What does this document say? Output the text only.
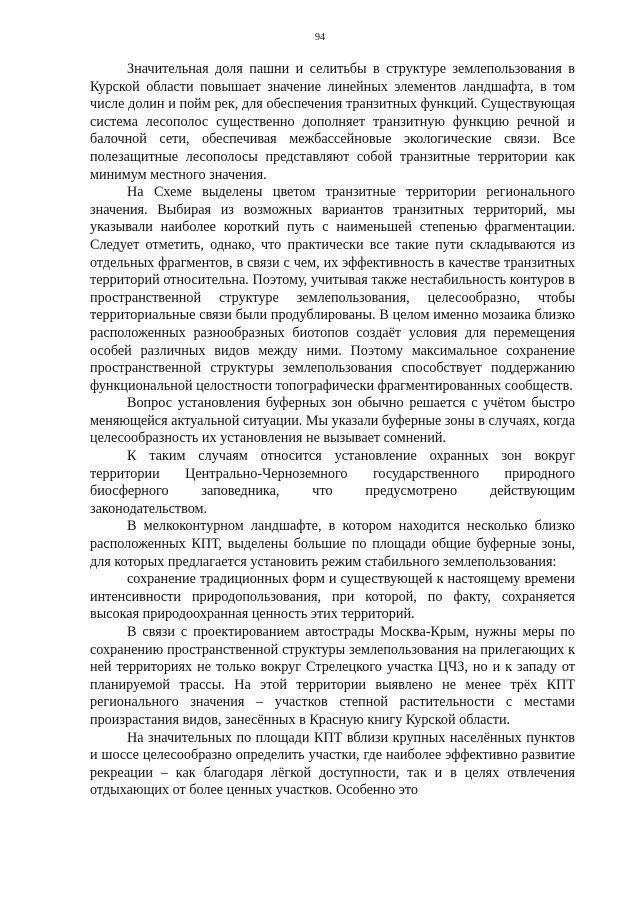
94

Значительная доля пашни и селитьбы в структуре землепользования в Курской области повышает значение линейных элементов ландшафта, в том числе долин и пойм рек, для обеспечения транзитных функций. Существующая система лесополос существенно дополняет транзитную функцию речной и балочной сети, обеспечивая межбассейновые экологические связи. Все полезащитные лесополосы представляют собой транзитные территории как минимум местного значения.

На Схеме выделены цветом транзитные территории регионального значения. Выбирая из возможных вариантов транзитных территорий, мы указывали наиболее короткий путь с наименьшей степенью фрагментации. Следует отметить, однако, что практически все такие пути складываются из отдельных фрагментов, в связи с чем, их эффективность в качестве транзитных территорий относительна. Поэтому, учитывая также нестабильность контуров в пространственной структуре землепользования, целесообразно, чтобы территориальные связи были продублированы. В целом именно мозаика близко расположенных разнообразных биотопов создаёт условия для перемещения особей различных видов между ними. Поэтому максимальное сохранение пространственной структуры землепользования способствует поддержанию функциональной целостности топографически фрагментированных сообществ.

Вопрос установления буферных зон обычно решается с учётом быстро меняющейся актуальной ситуации. Мы указали буферные зоны в случаях, когда целесообразность их установления не вызывает сомнений.

К таким случаям относится установление охранных зон вокруг территории Центрально-Черноземного государственного природного биосферного заповедника, что предусмотрено действующим законодательством.

В мелкоконтурном ландшафте, в котором находится несколько близко расположенных КПТ, выделены большие по площади общие буферные зоны, для которых предлагается установить режим стабильного землепользования:

сохранение традиционных форм и существующей к настоящему времени интенсивности природопользования, при которой, по факту, сохраняется высокая природоохранная ценность этих территорий.

В связи с проектированием автострады Москва-Крым, нужны меры по сохранению пространственной структуры землепользования на прилегающих к ней территориях не только вокруг Стрелецкого участка ЦЧЗ, но и к западу от планируемой трассы. На этой территории выявлено не менее трёх КПТ регионального значения – участков степной растительности с местами произрастания видов, занесённых в Красную книгу Курской области.

На значительных по площади КПТ вблизи крупных населённых пунктов и шоссе целесообразно определить участки, где наиболее эффективно развитие рекреации – как благодаря лёгкой доступности, так и в целях отвлечения отдыхающих от более ценных участков. Особенно это
